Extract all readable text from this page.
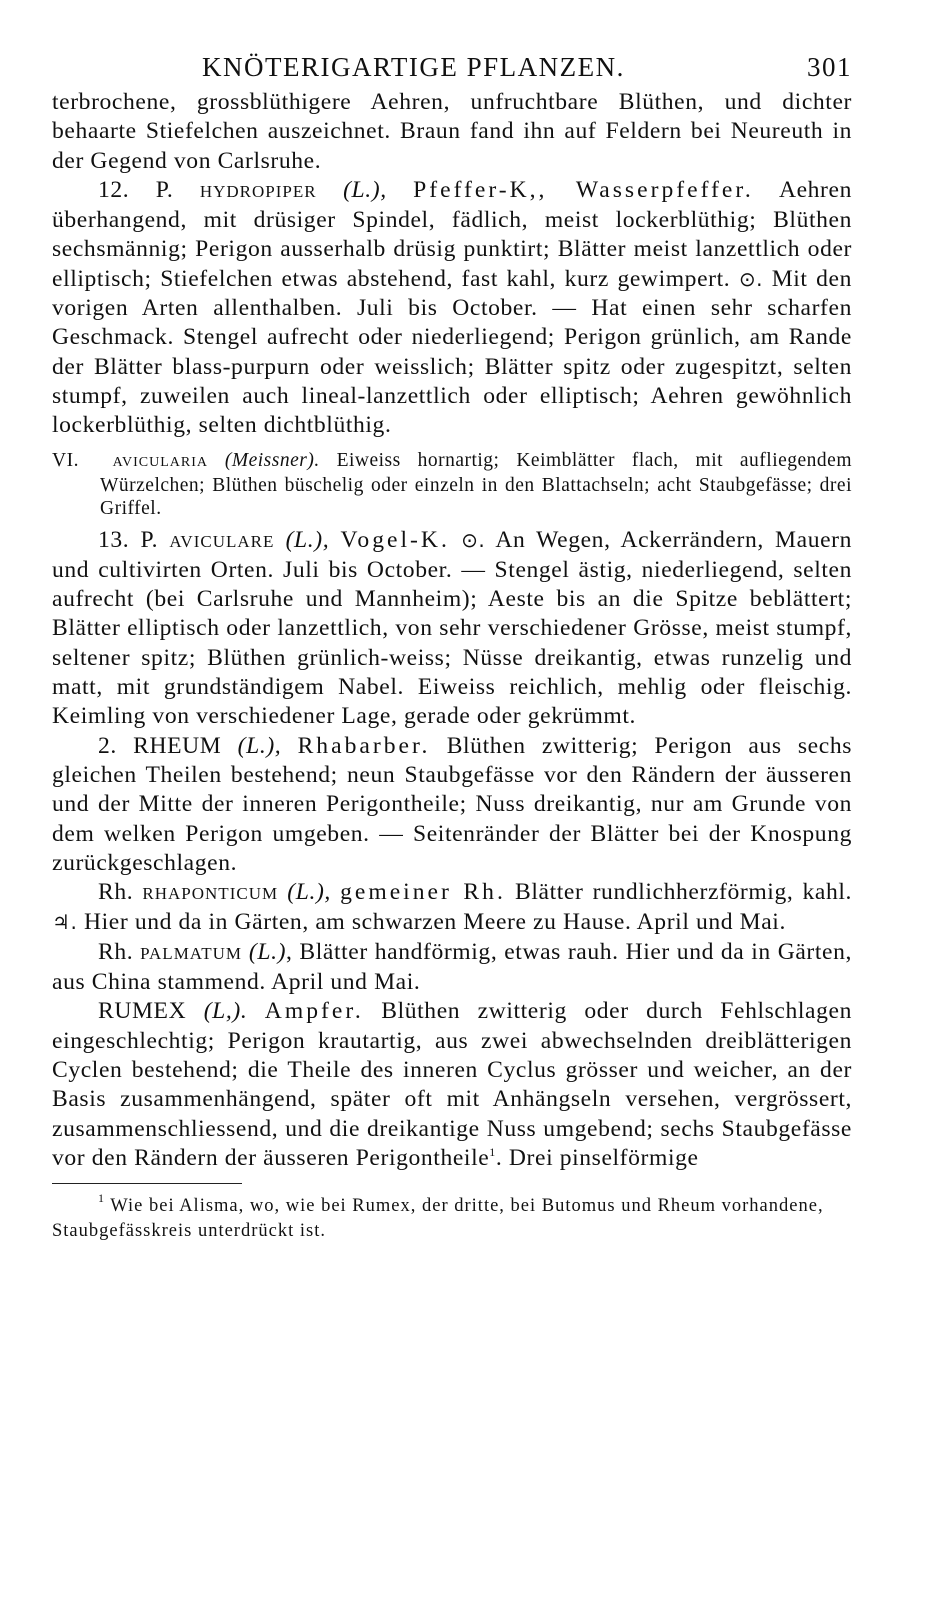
KNÖTERIGARTIGE PFLANZEN.	301

terbrochene, grossblüthigere Aehren, unfruchtbare Blüthen, und dichter behaarte Stiefelchen auszeichnet. Braun fand ihn auf Feldern bei Neureuth in der Gegend von Carlsruhe.

12. P. HYDROPIPER (L.), Pfeffer-K,, Wasserpfeffer. Aehren überhangend, mit drüsiger Spindel, fädlich, meist lockerblüthig; Blüthen sechsmännig; Perigon ausserhalb drüsig punktirt; Blätter meist lanzettlich oder elliptisch; Stiefelchen etwas abstehend, fast kahl, kurz gewimpert. ⊙. Mit den vorigen Arten allenthalben. Juli bis October. — Hat einen sehr scharfen Geschmack. Stengel aufrecht oder niederliegend; Perigon grünlich, am Rande der Blätter blass-purpurn oder weisslich; Blätter spitz oder zugespitzt, selten stumpf, zuweilen auch lineal-lanzettlich oder elliptisch; Aehren gewöhnlich lockerblüthig, selten dichtblüthig.

VI. AVICULARIA (Meissner). Eiweiss hornartig; Keimblätter flach, mit aufliegendem Würzelchen; Blüthen büschelig oder einzeln in den Blattachseln; acht Staubgefässe; drei Griffel.

13. P. AVICULARE (L.), Vogel-K. ⊙. An Wegen, Ackerrändern, Mauern und cultivirten Orten. Juli bis October. — Stengel ästig, niederliegend, selten aufrecht (bei Carlsruhe und Mannheim); Aeste bis an die Spitze beblättert; Blätter elliptisch oder lanzettlich, von sehr verschiedener Grösse, meist stumpf, seltener spitz; Blüthen grünlich-weiss; Nüsse dreikantig, etwas runzelig und matt, mit grundständigem Nabel. Eiweiss reichlich, mehlig oder fleischig. Keimling von verschiedener Lage, gerade oder gekrümmt.

2. RHEUM (L.), Rhabarber. Blüthen zwitterig; Perigon aus sechs gleichen Theilen bestehend; neun Staubgefässe vor den Rändern der äusseren und der Mitte der inneren Perigontheile; Nuss dreikantig, nur am Grunde von dem welken Perigon umgeben. — Seitenränder der Blätter bei der Knospung zurückgeschlagen.

Rh. RHAPONTICUM (L.), gemeiner Rh. Blätter rundlichherzförmig, kahl. ♃. Hier und da in Gärten, am schwarzen Meere zu Hause. April und Mai.

Rh. PALMATUM (L.), Blätter handförmig, etwas rauh. Hier und da in Gärten, aus China stammend. April und Mai.

RUMEX (L,). Ampfer. Blüthen zwitterig oder durch Fehlschlagen eingeschlechtig; Perigon krautartig, aus zwei abwechselnden dreiblätterigen Cyclen bestehend; die Theile des inneren Cyclus grösser und weicher, an der Basis zusammenhängend, später oft mit Anhängseln versehen, vergrössert, zusammenschliessend, und die dreikantige Nuss umgebend; sechs Staubgefässe vor den Rändern der äusseren Perigontheile$^1$. Drei pinselförmige

$^1$ Wie bei Alisma, wo, wie bei Rumex, der dritte, bei Butomus und Rheum vorhandene, Staubgefässkreis unterdrückt ist.
